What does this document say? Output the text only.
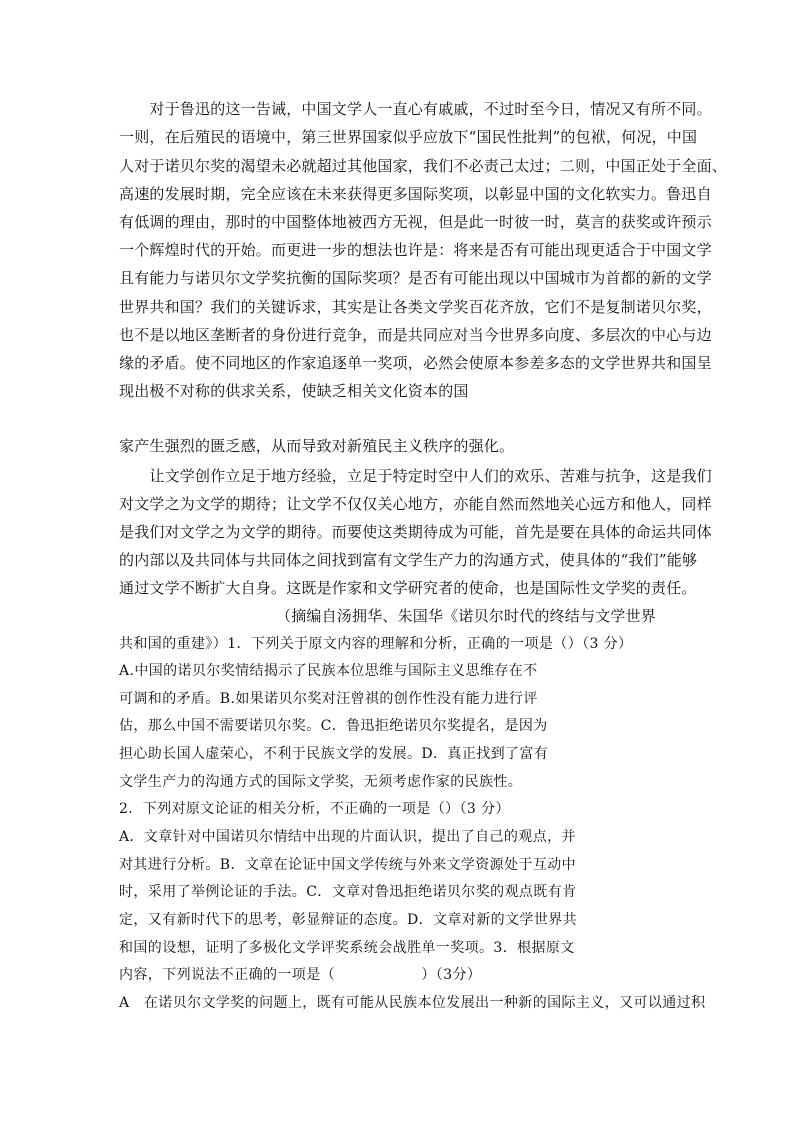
　　对于鲁迅的这一告诫，中国文学人一直心有戚戚，不过时至今日，情况又有所不同。
一则，在后殖民的语境中，第三世界国家似乎应放下“国民性批判”的包袱，何况，中国
人对于诺贝尔奖的渴望未必就超过其他国家，我们不必责己太过；二则，中国正处于全面、
高速的发展时期，完全应该在未来获得更多国际奖项，以彰显中国的文化软实力。鲁迅自
有低调的理由，那时的中国整体地被西方无视，但是此一时彼一时，莫言的获奖或许预示
一个辉煌时代的开始。而更进一步的想法也许是：将来是否有可能出现更适合于中国文学
且有能力与诺贝尔文学奖抗衡的国际奖项？是否有可能出现以中国城市为首都的新的文学
世界共和国？我们的关键诉求，其实是让各类文学奖百花齐放，它们不是复制诺贝尔奖，
也不是以地区垄断者的身份进行竞争，而是共同应对当今世界多向度、多层次的中心与边
缘的矛盾。使不同地区的作家追逐单一奖项，必然会使原本参差多态的文学世界共和国呈
现出极不对称的供求关系，使缺乏相关文化资本的国
家产生强烈的匮乏感，从而导致对新殖民主义秩序的强化。
　　让文学创作立足于地方经验，立足于特定时空中人们的欢乐、苦难与抗争，这是我们
对文学之为文学的期待；让文学不仅仅关心地方，亦能自然而然地关心远方和他人，同样
是我们对文学之为文学的期待。而要使这类期待成为可能，首先是要在具体的命运共同体
的内部以及共同体与共同体之间找到富有文学生产力的沟通方式，使具体的“我们”能够
通过文学不断扩大自身。这既是作家和文学研究者的使命，也是国际性文学奖的责任。
（摘编自汤拥华、朱国华《诺贝尔时代的终结与文学世界
共和国的重建》）1．下列关于原文内容的理解和分析，正确的一项是（）（3 分）
A.中国的诺贝尔奖情结揭示了民族本位思维与国际主义思维存在不
可调和的矛盾。B.如果诺贝尔奖对汪曾祺的创作性没有能力进行评
估，那么中国不需要诺贝尔奖。C．鲁迅拒绝诺贝尔奖提名，是因为
担心助长国人虚荣心，不利于民族文学的发展。D．真正找到了富有
文学生产力的沟通方式的国际文学奖，无须考虑作家的民族性。
2．下列对原文论证的相关分析，不正确的一项是（）（3 分）
A．文章针对中国诺贝尔情结中出现的片面认识，提出了自己的观点，并
对其进行分析。B．文章在论证中国文学传统与外来文学资源处于互动中
时，采用了举例论证的手法。C．文章对鲁迅拒绝诺贝尔奖的观点既有肯
定，又有新时代下的思考，彰显辩证的态度。D．文章对新的文学世界共
和国的设想，证明了多极化文学评奖系统会战胜单一奖项。3．根据原文
内容，下列说法不正确的一项是（　　　　　　）（3分）
A　在诺贝尔文学奖的问题上，既有可能从民族本位发展出一种新的国际主义，又可以通过积
